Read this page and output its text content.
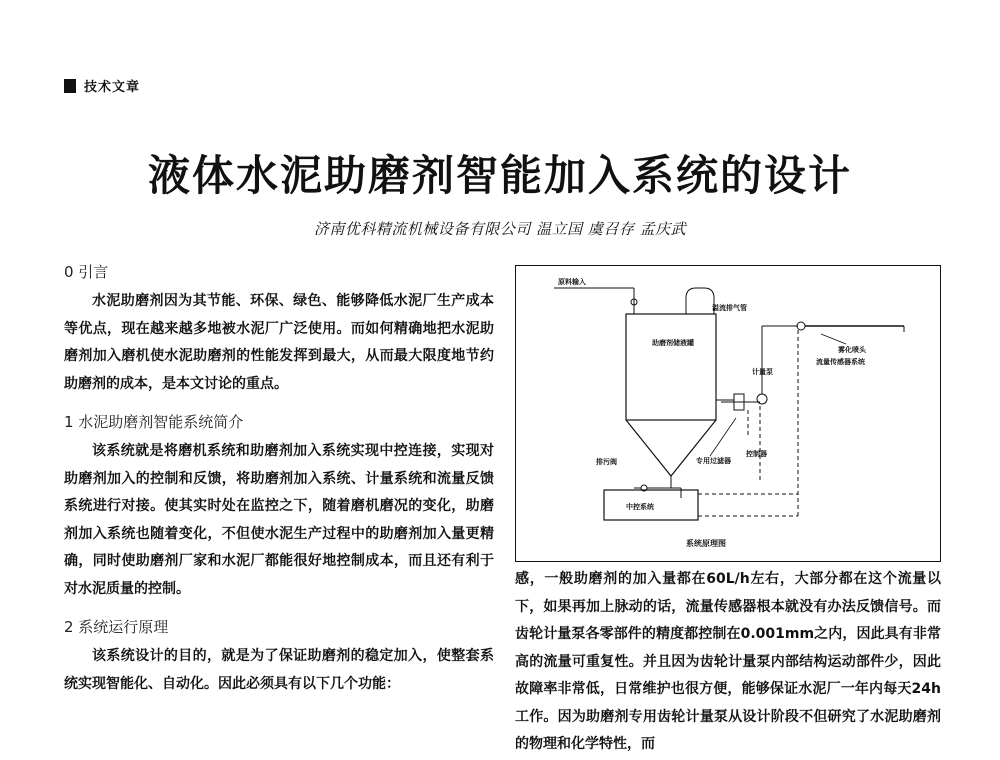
技术文章
液体水泥助磨剂智能加入系统的设计
济南优科精流机械设备有限公司 温立国 虞召存 孟庆武
0 引言

水泥助磨剂因为其节能、环保、绿色、能够降低水泥厂生产成本等优点，现在越来越多地被水泥厂广泛使用。而如何精确地把水泥助磨剂加入磨机使水泥助磨剂的性能发挥到最大，从而最大限度地节约助磨剂的成本，是本文讨论的重点。

1 水泥助磨剂智能系统简介

该系统就是将磨机系统和助磨剂加入系统实现中控连接，实现对助磨剂加入的控制和反馈，将助磨剂加入系统、计量系统和流量反馈系统进行对接。使其实时处在监控之下，随着磨机磨况的变化，助磨剂加入系统也随着变化，不但使水泥生产过程中的助磨剂加入量更精确，同时使助磨剂厂家和水泥厂都能很好地控制成本，而且还有利于对水泥质量的控制。

2 系统运行原理

该系统设计的目的，就是为了保证助磨剂的稳定加入，使整套系统实现智能化、自动化。因此必须具有以下几个功能：

原料输入
溢流排气管
助磨剂储液罐
雾化喷头
流量传感器系统
计量泵
排污阀	专用过滤器
控制器
中控系统
系统原理图

感，一般助磨剂的加入量都在60L/h左右，大部分都在这个流量以下，如果再加上脉动的话，流量传感器根本就没有办法反馈信号。而齿轮计量泵各零部件的精度都控制在0.001mm之内，因此具有非常高的流量可重复性。并且因为齿轮计量泵内部结构运动部件少，因此故障率非常低，日常维护也很方便，能够保证水泥厂一年内每天24h工作。因为助磨剂专用齿轮计量泵从设计阶段不但研究了水泥助磨剂的物理和化学特性，而
